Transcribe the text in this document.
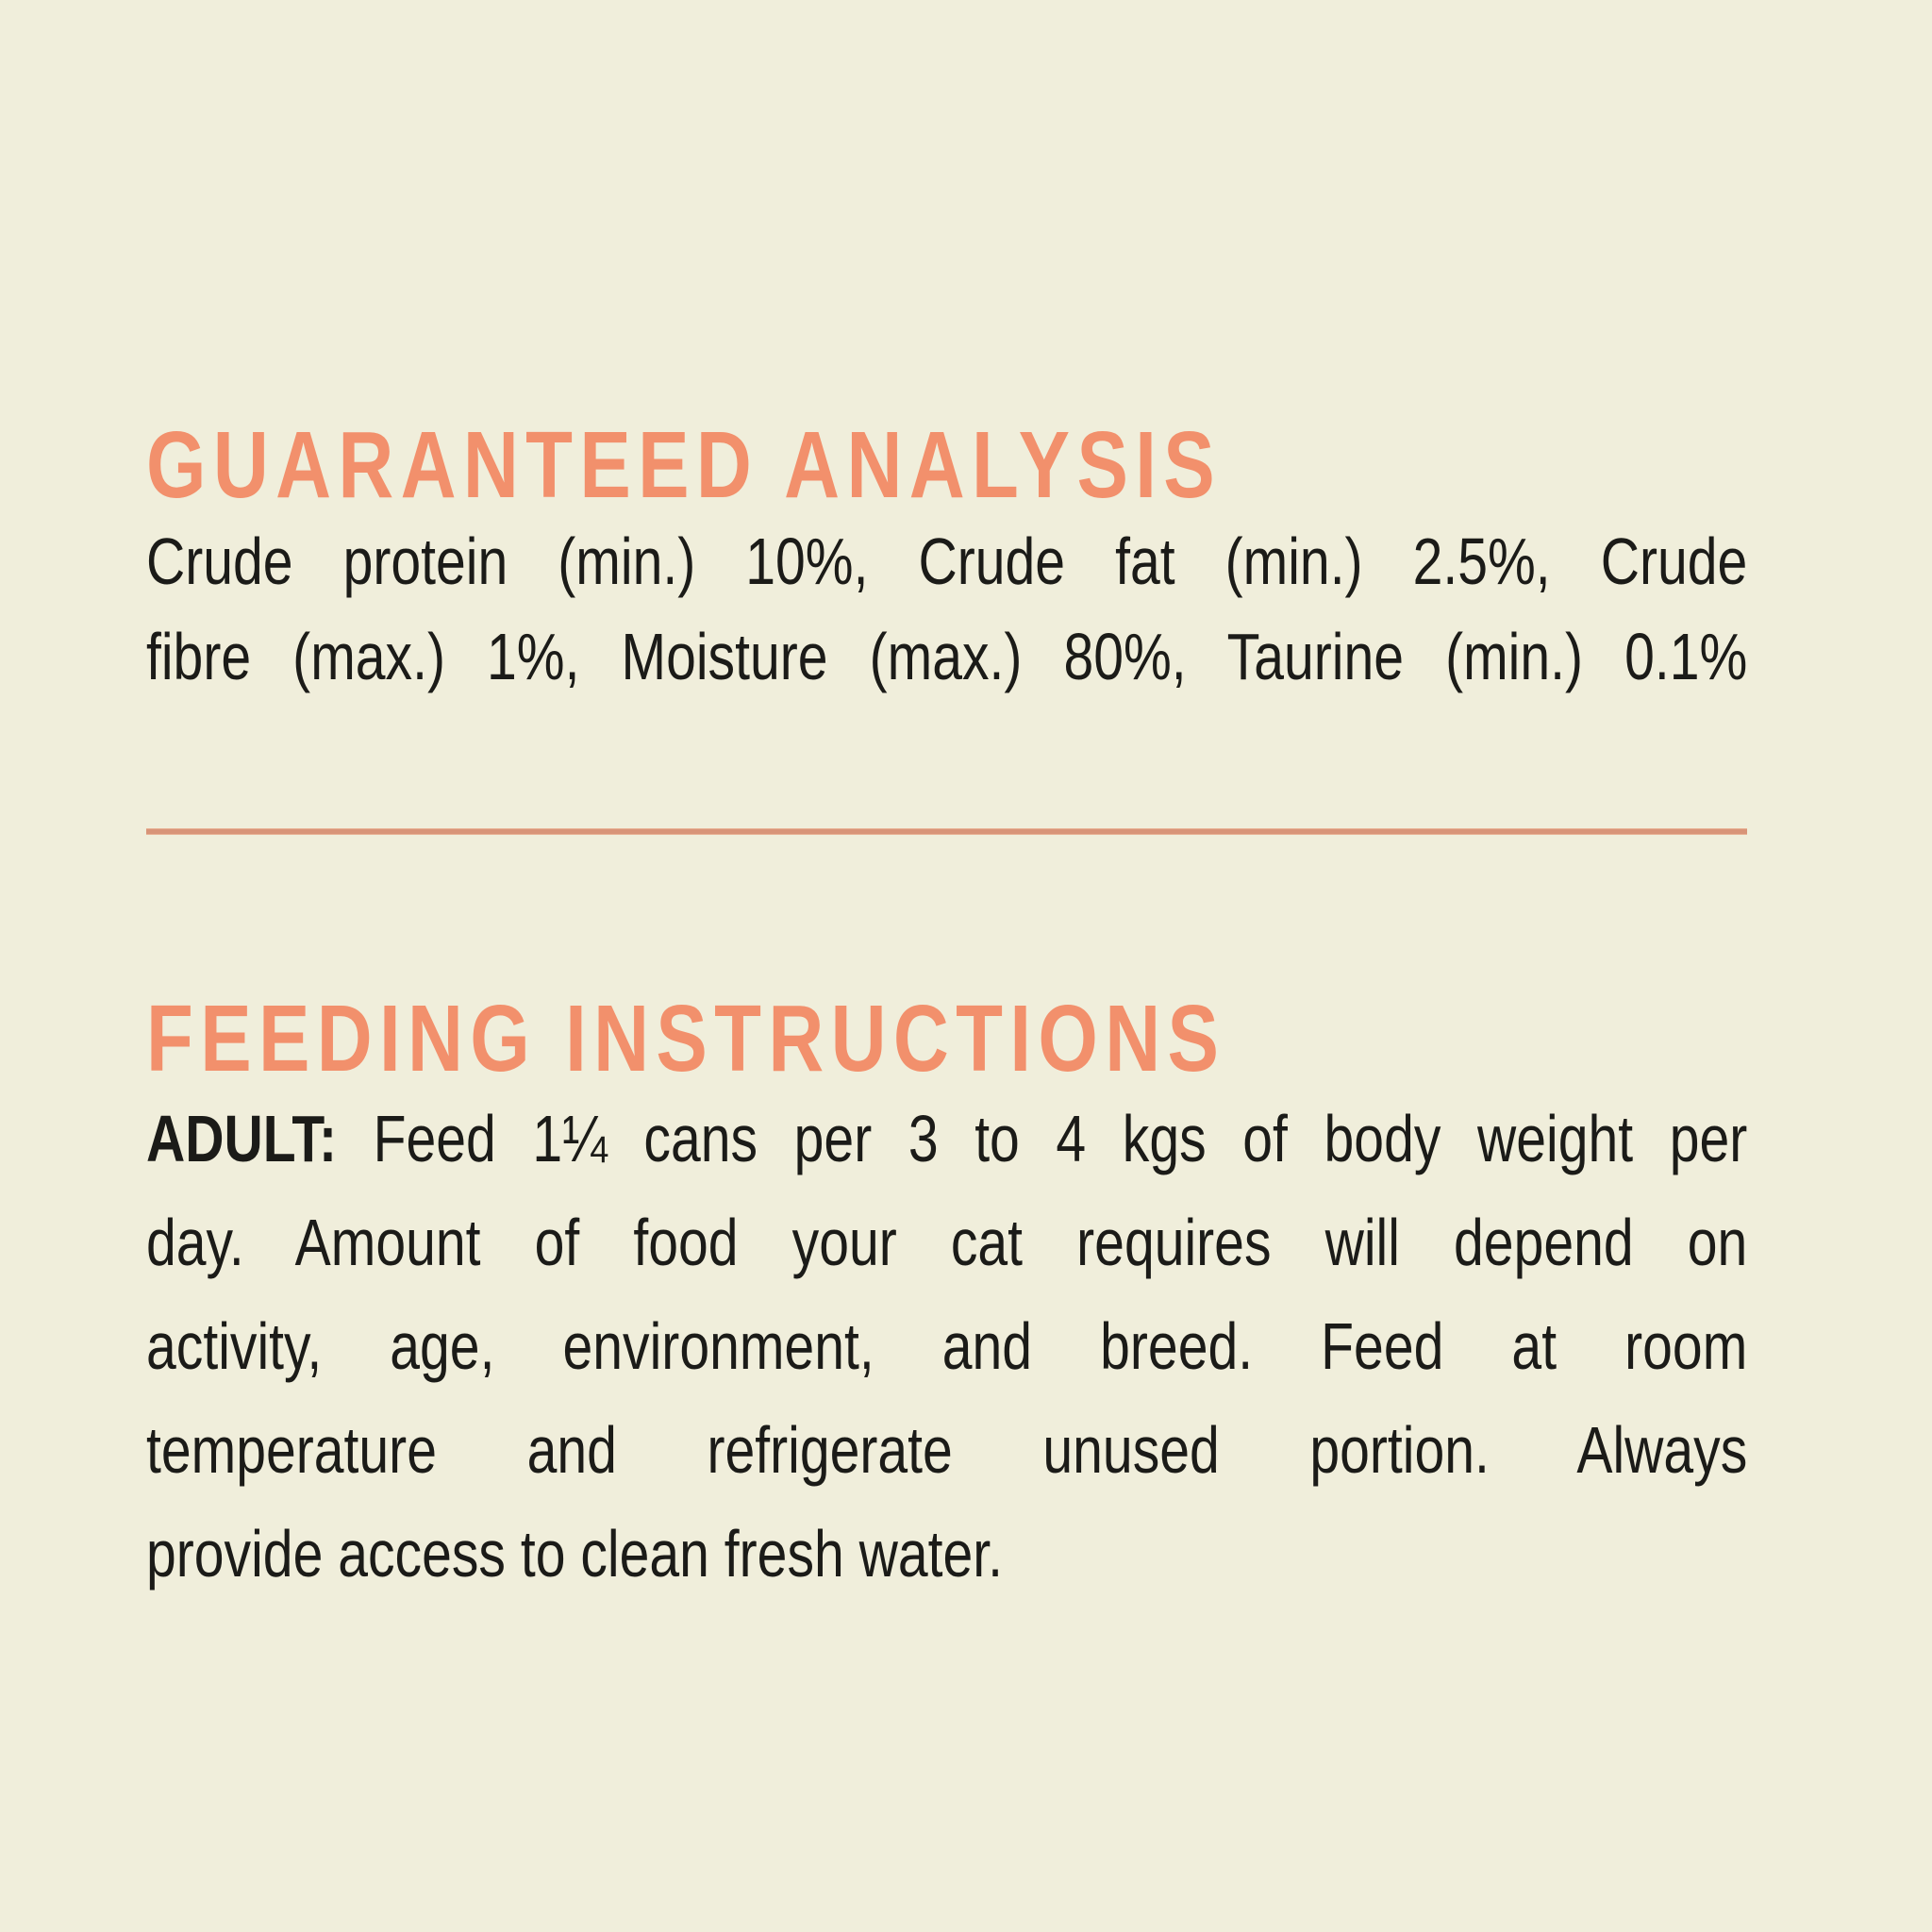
GUARANTEED ANALYSIS
Crude protein (min.) 10%, Crude fat (min.) 2.5%, Crude
fibre (max.) 1%, Moisture (max.) 80%, Taurine (min.) 0.1%
FEEDING INSTRUCTIONS
ADULT: Feed 1¼ cans per 3 to 4 kgs of body weight per
day. Amount of food your cat requires will depend on
activity, age, environment, and breed. Feed at room
temperature and refrigerate unused portion. Always
provide access to clean fresh water.
